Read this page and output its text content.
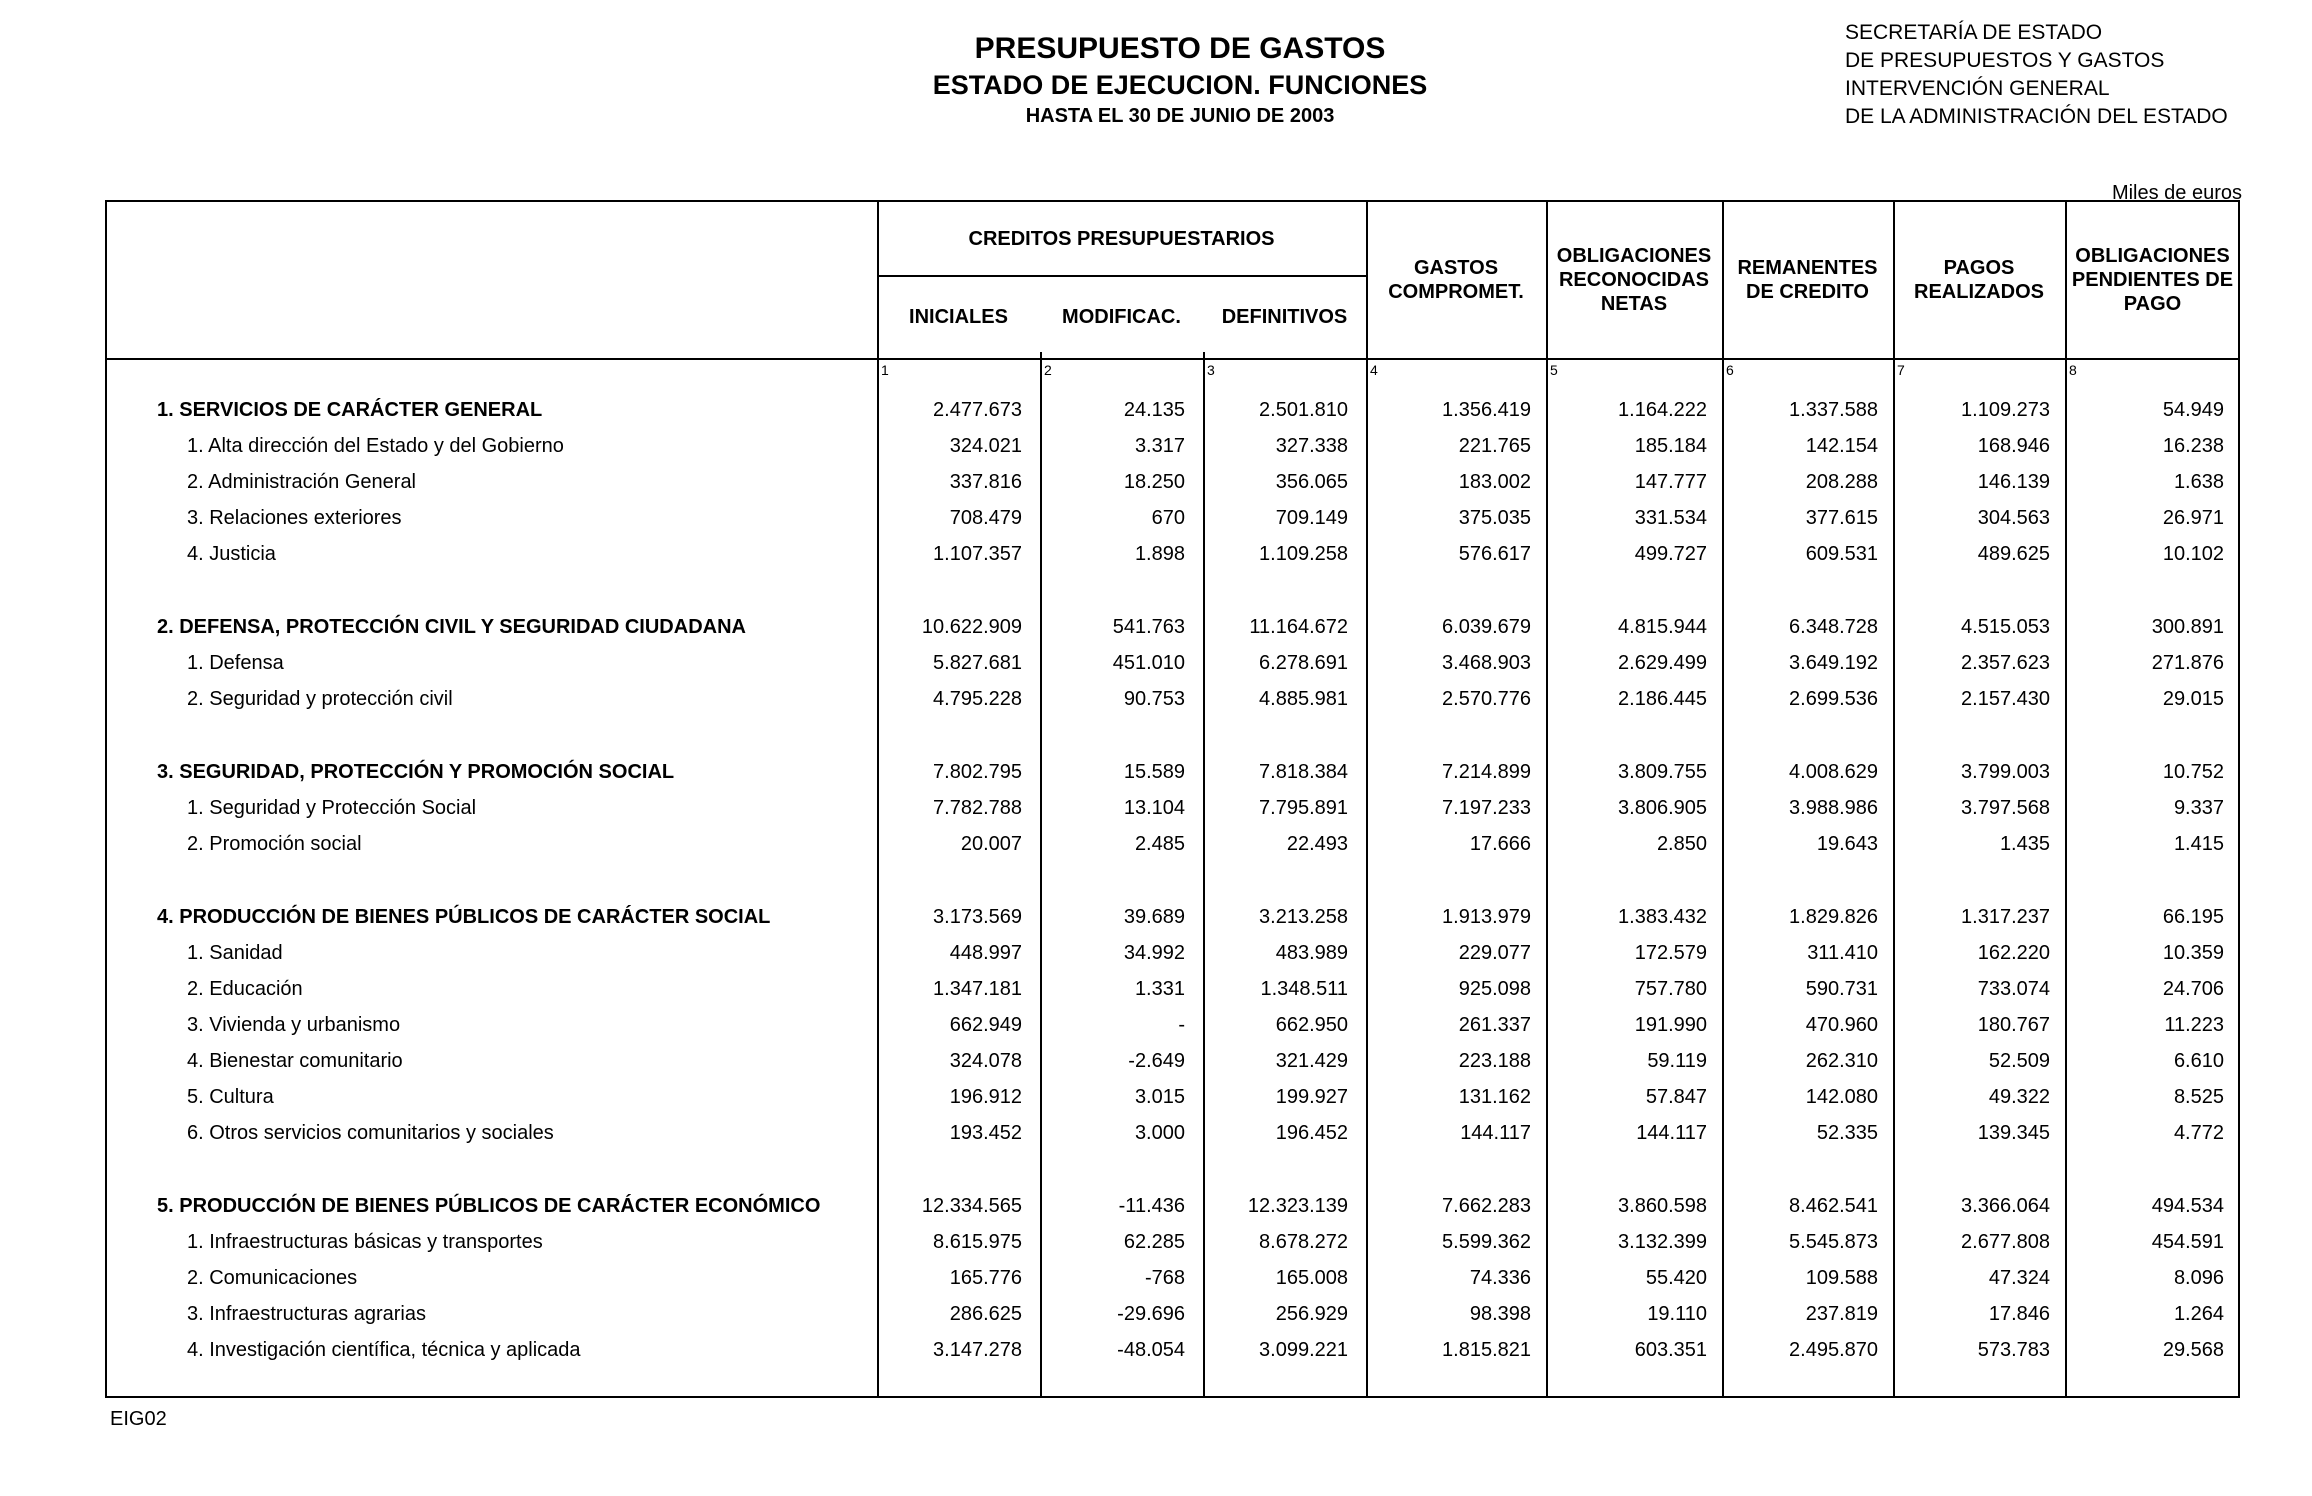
PRESUPUESTO DE GASTOS
ESTADO DE EJECUCION. FUNCIONES
HASTA EL 30 DE JUNIO DE 2003
SECRETARÍA DE ESTADO
DE PRESUPUESTOS Y GASTOS
INTERVENCIÓN GENERAL
DE LA ADMINISTRACIÓN DEL ESTADO
Miles de euros
CREDITOS PRESUPUESTARIOS
INICIALES	MODIFICAC.	DEFINITIVOS
GASTOS
COMPROMET.
OBLIGACIONES
RECONOCIDAS
NETAS
REMANENTES
DE CREDITO
PAGOS
REALIZADOS
OBLIGACIONES
PENDIENTES DE
PAGO
1	2	3	4	5	6	7	8
1. SERVICIOS DE CARÁCTER GENERAL	2.477.673	24.135	2.501.810	1.356.419	1.164.222	1.337.588	1.109.273	54.949
1. Alta dirección del Estado y del Gobierno	324.021	3.317	327.338	221.765	185.184	142.154	168.946	16.238
2. Administración General	337.816	18.250	356.065	183.002	147.777	208.288	146.139	1.638
3. Relaciones exteriores	708.479	670	709.149	375.035	331.534	377.615	304.563	26.971
4. Justicia	1.107.357	1.898	1.109.258	576.617	499.727	609.531	489.625	10.102
2. DEFENSA, PROTECCIÓN CIVIL Y SEGURIDAD CIUDADANA	10.622.909	541.763	11.164.672	6.039.679	4.815.944	6.348.728	4.515.053	300.891
1. Defensa	5.827.681	451.010	6.278.691	3.468.903	2.629.499	3.649.192	2.357.623	271.876
2. Seguridad y protección civil	4.795.228	90.753	4.885.981	2.570.776	2.186.445	2.699.536	2.157.430	29.015
3. SEGURIDAD, PROTECCIÓN Y PROMOCIÓN SOCIAL	7.802.795	15.589	7.818.384	7.214.899	3.809.755	4.008.629	3.799.003	10.752
1. Seguridad y Protección Social	7.782.788	13.104	7.795.891	7.197.233	3.806.905	3.988.986	3.797.568	9.337
2. Promoción social	20.007	2.485	22.493	17.666	2.850	19.643	1.435	1.415
4. PRODUCCIÓN DE BIENES PÚBLICOS DE CARÁCTER SOCIAL	3.173.569	39.689	3.213.258	1.913.979	1.383.432	1.829.826	1.317.237	66.195
1. Sanidad	448.997	34.992	483.989	229.077	172.579	311.410	162.220	10.359
2. Educación	1.347.181	1.331	1.348.511	925.098	757.780	590.731	733.074	24.706
3. Vivienda y urbanismo	662.949	-	662.950	261.337	191.990	470.960	180.767	11.223
4. Bienestar comunitario	324.078	-2.649	321.429	223.188	59.119	262.310	52.509	6.610
5. Cultura	196.912	3.015	199.927	131.162	57.847	142.080	49.322	8.525
6. Otros servicios comunitarios y sociales	193.452	3.000	196.452	144.117	144.117	52.335	139.345	4.772
5. PRODUCCIÓN DE BIENES PÚBLICOS DE CARÁCTER ECONÓMICO	12.334.565	-11.436	12.323.139	7.662.283	3.860.598	8.462.541	3.366.064	494.534
1. Infraestructuras básicas y transportes	8.615.975	62.285	8.678.272	5.599.362	3.132.399	5.545.873	2.677.808	454.591
2. Comunicaciones	165.776	-768	165.008	74.336	55.420	109.588	47.324	8.096
3. Infraestructuras agrarias	286.625	-29.696	256.929	98.398	19.110	237.819	17.846	1.264
4. Investigación científica, técnica y aplicada	3.147.278	-48.054	3.099.221	1.815.821	603.351	2.495.870	573.783	29.568
EIG02
